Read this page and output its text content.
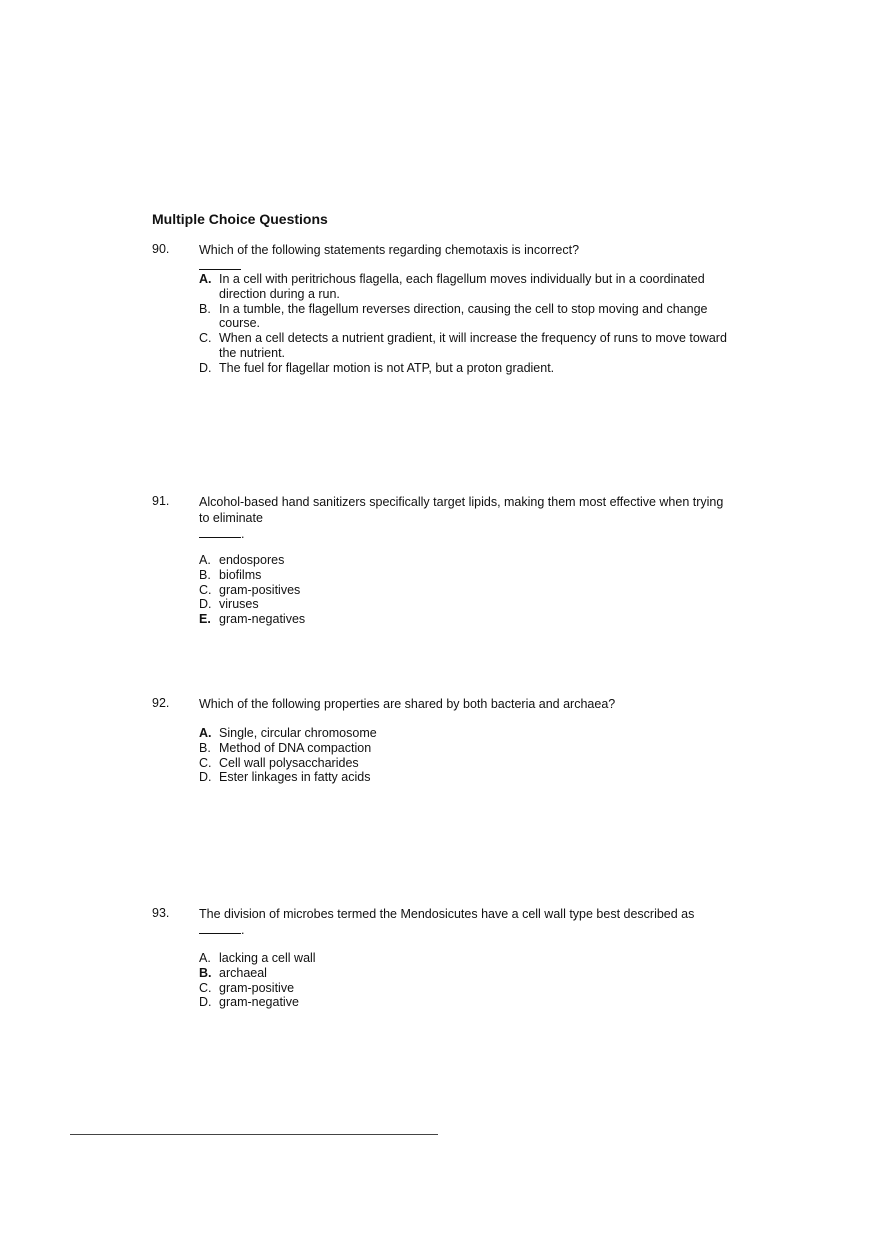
Multiple Choice Questions
90. Which of the following statements regarding chemotaxis is incorrect?

A. In a cell with peritrichous flagella, each flagellum moves individually but in a coordinated direction during a run.
B. In a tumble, the flagellum reverses direction, causing the cell to stop moving and change course.
C. When a cell detects a nutrient gradient, it will increase the frequency of runs to move toward the nutrient.
D. The fuel for flagellar motion is not ATP, but a proton gradient.
91. Alcohol-based hand sanitizers specifically target lipids, making them most effective when trying to eliminate
.
A. endospores
B. biofilms
C. gram-positives
D. viruses
E. gram-negatives
92. Which of the following properties are shared by both bacteria and archaea?
A. Single, circular chromosome
B. Method of DNA compaction
C. Cell wall polysaccharides
D. Ester linkages in fatty acids
93. The division of microbes termed the Mendosicutes have a cell wall type best described as
.
A. lacking a cell wall
B. archaeal
C. gram-positive
D. gram-negative
